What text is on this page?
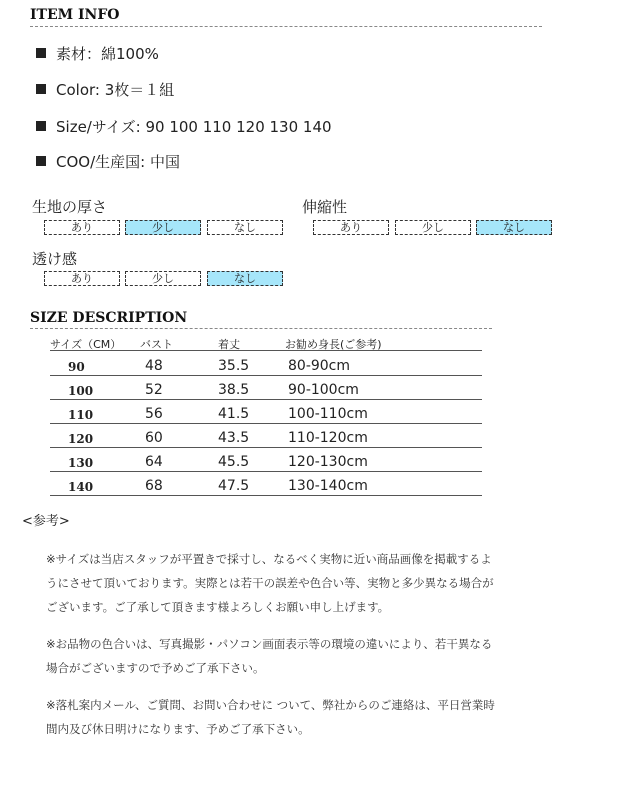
ITEM INFO
素材：綿100%
Color: 3枚＝１組
Size/サイズ: 90 100 110 120 130 140
COO/生産国: 中国
生地の厚さ
あり	少し	なし
伸縮性
あり	少し	なし
透け感
あり	少し	なし
SIZE DESCRIPTION
サイズ（CM） バスト	着丈	お勧め身長(ご参考)
90	48	35.5	80-90cm
100	52	38.5	90-100cm
110	56	41.5	100-110cm
120	60	43.5	110-120cm
130	64	45.5	120-130cm
140	68	47.5	130-140cm
<参考>
※サイズは当店スタッフが平置きで採寸し、なるべく実物に近い商品画像を掲載するよ
うにさせて頂いております。実際とは若干の誤差や色合い等、実物と多少異なる場合が
ございます。ご了承して頂きます様よろしくお願い申し上げます。
※お品物の色合いは、写真撮影・パソコン画面表示等の環境の違いにより、若干異なる
場合がございますので予めご了承下さい。
※落札案内メール、ご質問、お問い合わせに ついて、弊社からのご連絡は、平日営業時
間内及び休日明けになります、予めご了承下さい。
